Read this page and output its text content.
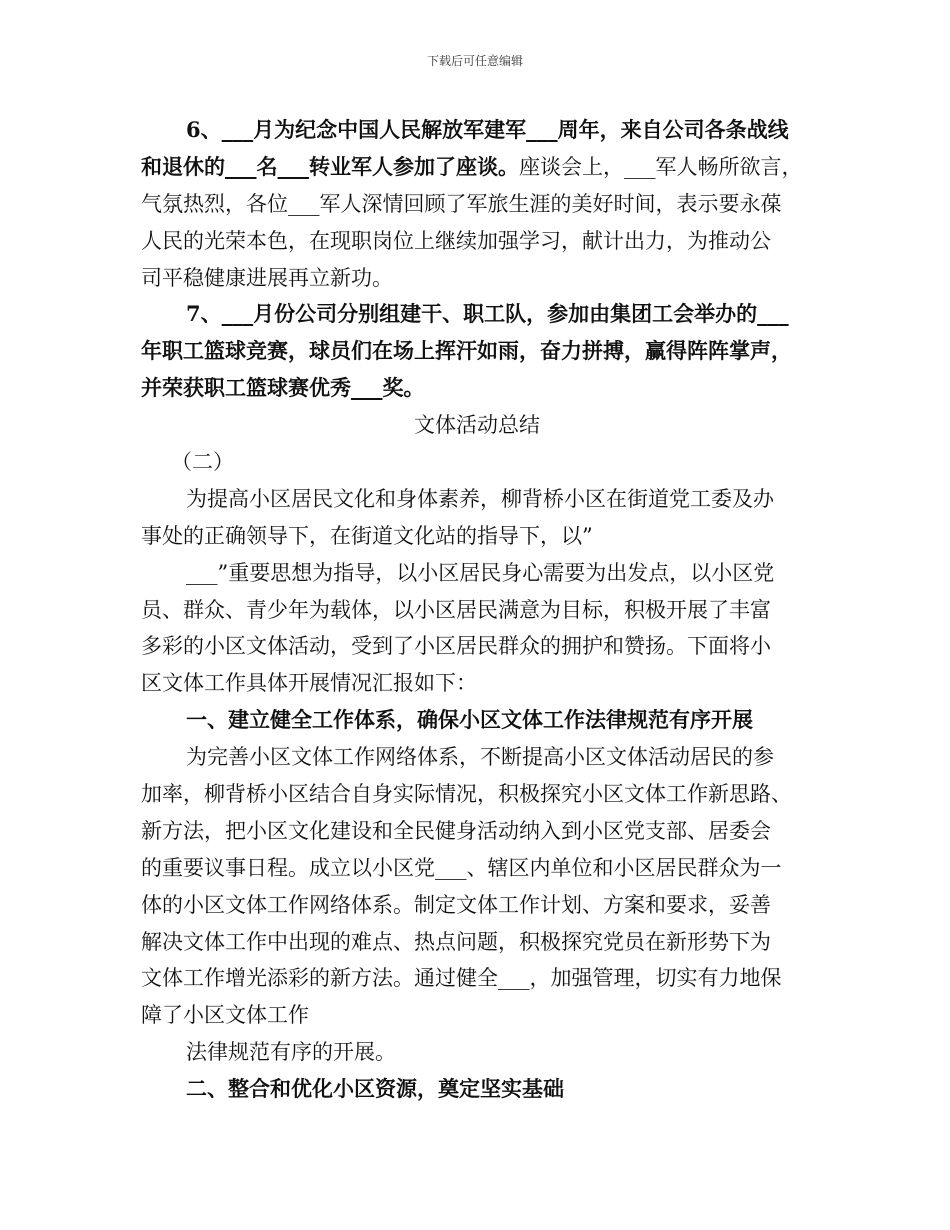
下载后可任意编辑
6、___月为纪念中国人民解放军建军___周年，来自公司各条战线
和退休的___名___转业军人参加了座谈。座谈会上，___军人畅所欲言，
气氛热烈，各位___军人深情回顾了军旅生涯的美好时间，表示要永葆
人民的光荣本色，在现职岗位上继续加强学习，献计出力，为推动公
司平稳健康进展再立新功。
7、___月份公司分别组建干、职工队，参加由集团工会举办的___
年职工篮球竞赛，球员们在场上挥汗如雨，奋力拼搏，赢得阵阵掌声，
并荣获职工篮球赛优秀___奖。
文体活动总结
（二）
为提高小区居民文化和身体素养，柳背桥小区在街道党工委及办
事处的正确领导下，在街道文化站的指导下，以”
___”重要思想为指导，以小区居民身心需要为出发点，以小区党
员、群众、青少年为载体，以小区居民满意为目标，积极开展了丰富
多彩的小区文体活动，受到了小区居民群众的拥护和赞扬。下面将小
区文体工作具体开展情况汇报如下：
一、建立健全工作体系，确保小区文体工作法律规范有序开展
为完善小区文体工作网络体系，不断提高小区文体活动居民的参
加率，柳背桥小区结合自身实际情况，积极探究小区文体工作新思路、
新方法，把小区文化建设和全民健身活动纳入到小区党支部、居委会
的重要议事日程。成立以小区党___、辖区内单位和小区居民群众为一
体的小区文体工作网络体系。制定文体工作计划、方案和要求，妥善
解决文体工作中出现的难点、热点问题，积极探究党员在新形势下为
文体工作增光添彩的新方法。通过健全___，加强管理，切实有力地保
障了小区文体工作
法律规范有序的开展。
二、整合和优化小区资源，奠定坚实基础
